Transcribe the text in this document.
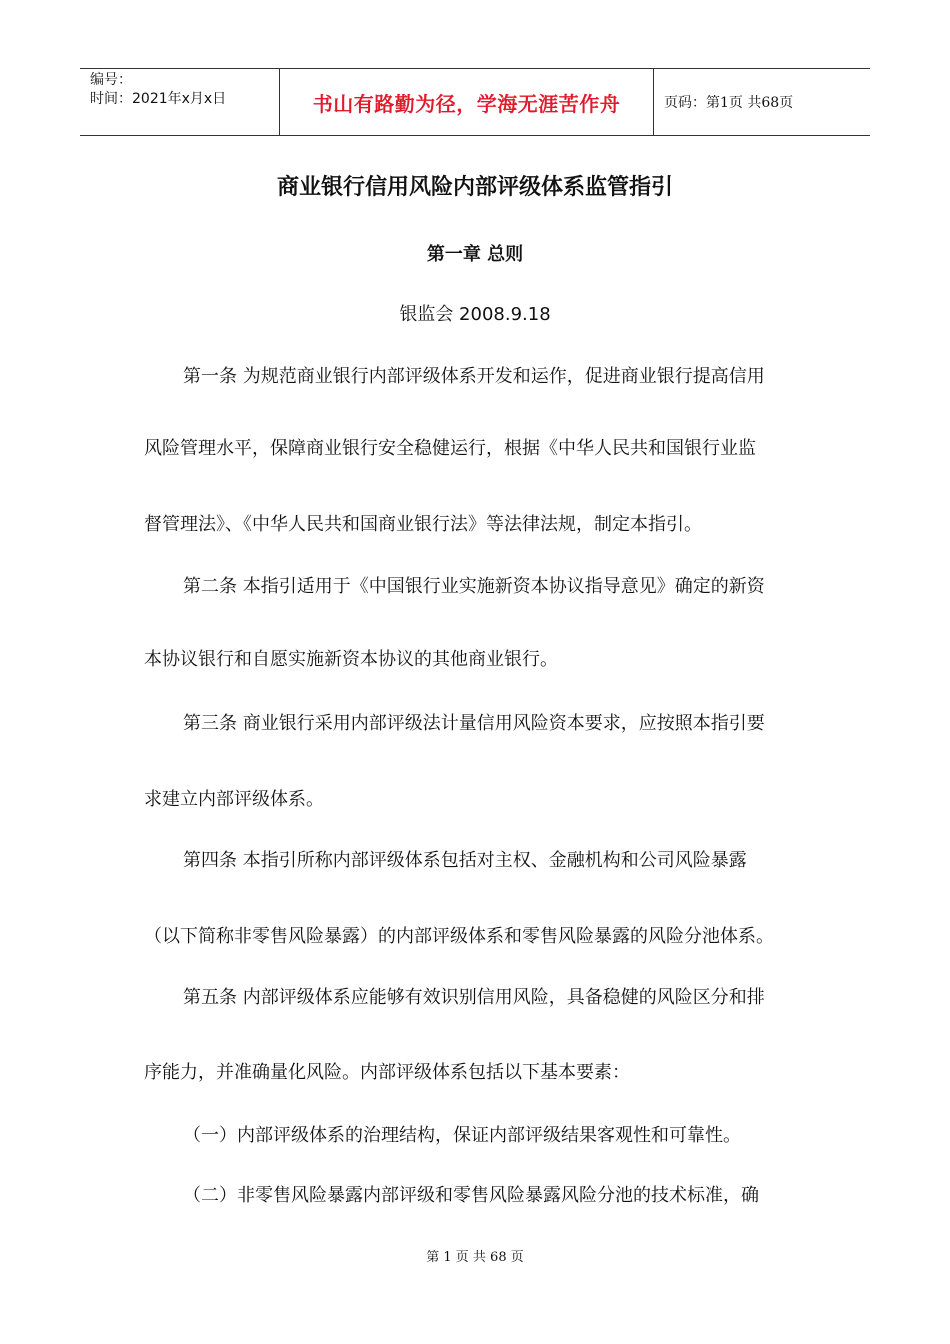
编号：
时间：2021年x月x日	书山有路勤为径，学海无涯苦作舟	页码：第1页 共68页
商业银行信用风险内部评级体系监管指引
第一章 总则
银监会 2008.9.18
第一条 为规范商业银行内部评级体系开发和运作，促进商业银行提高信用
风险管理水平，保障商业银行安全稳健运行，根据《中华人民共和国银行业监
督管理法》、《中华人民共和国商业银行法》等法律法规，制定本指引。
第二条 本指引适用于《中国银行业实施新资本协议指导意见》确定的新资
本协议银行和自愿实施新资本协议的其他商业银行。
第三条 商业银行采用内部评级法计量信用风险资本要求，应按照本指引要
求建立内部评级体系。
第四条 本指引所称内部评级体系包括对主权、金融机构和公司风险暴露
（以下简称非零售风险暴露）的内部评级体系和零售风险暴露的风险分池体系。
第五条 内部评级体系应能够有效识别信用风险，具备稳健的风险区分和排
序能力，并准确量化风险。内部评级体系包括以下基本要素：
（一）内部评级体系的治理结构，保证内部评级结果客观性和可靠性。
（二）非零售风险暴露内部评级和零售风险暴露风险分池的技术标准，确
第 1 页 共 68 页
